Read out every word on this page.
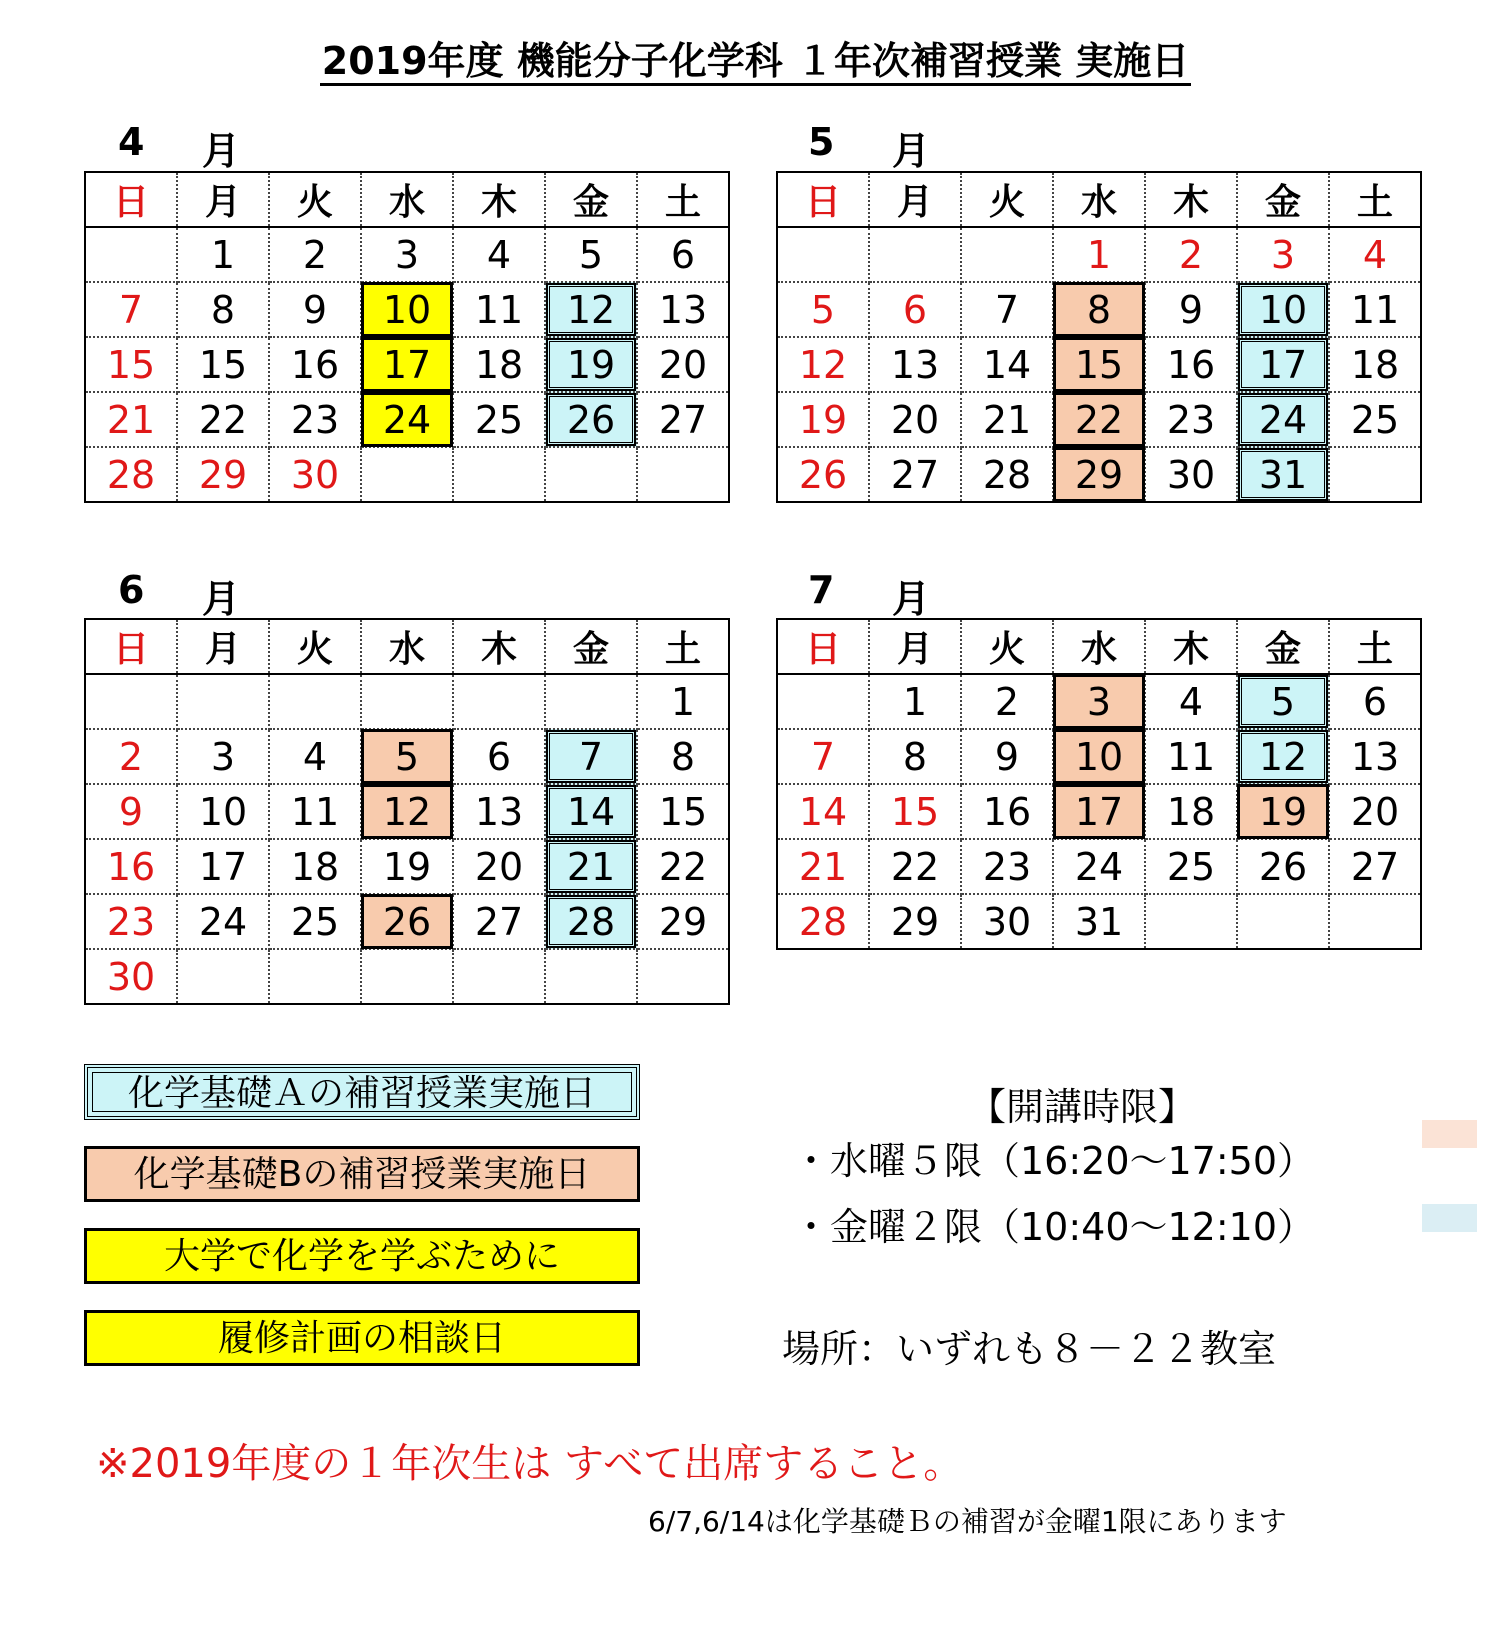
2019年度 機能分子化学科 １年次補習授業 実施日
4 月	5 月
6 月	7 月
日	月	火	水	木	金	土
	1	2	3	4	5	6
7	8	9	10	11	12	13
15	15	16	17	18	19	20
21	22	23	24	25	26	27
28	29	30				
日	月	火	水	木	金	土
			1	2	3	4
5	6	7	8	9	10	11
12	13	14	15	16	17	18
19	20	21	22	23	24	25
26	27	28	29	30	31	
日	月	火	水	木	金	土
						1
2	3	4	5	6	7	8
9	10	11	12	13	14	15
16	17	18	19	20	21	22
23	24	25	26	27	28	29
30						
日	月	火	水	木	金	土
	1	2	3	4	5	6
7	8	9	10	11	12	13
14	15	16	17	18	19	20
21	22	23	24	25	26	27
28	29	30	31			
化学基礎Ａの補習授業実施日
化学基礎Bの補習授業実施日
大学で化学を学ぶために
履修計画の相談日
【開講時限】
・水曜５限（16:20～17:50）
・金曜２限（10:40～12:10）
場所：いずれも８－２２教室
※2019年度の１年次生は すべて出席すること。
6/7,6/14は化学基礎Ｂの補習が金曜1限にあります
